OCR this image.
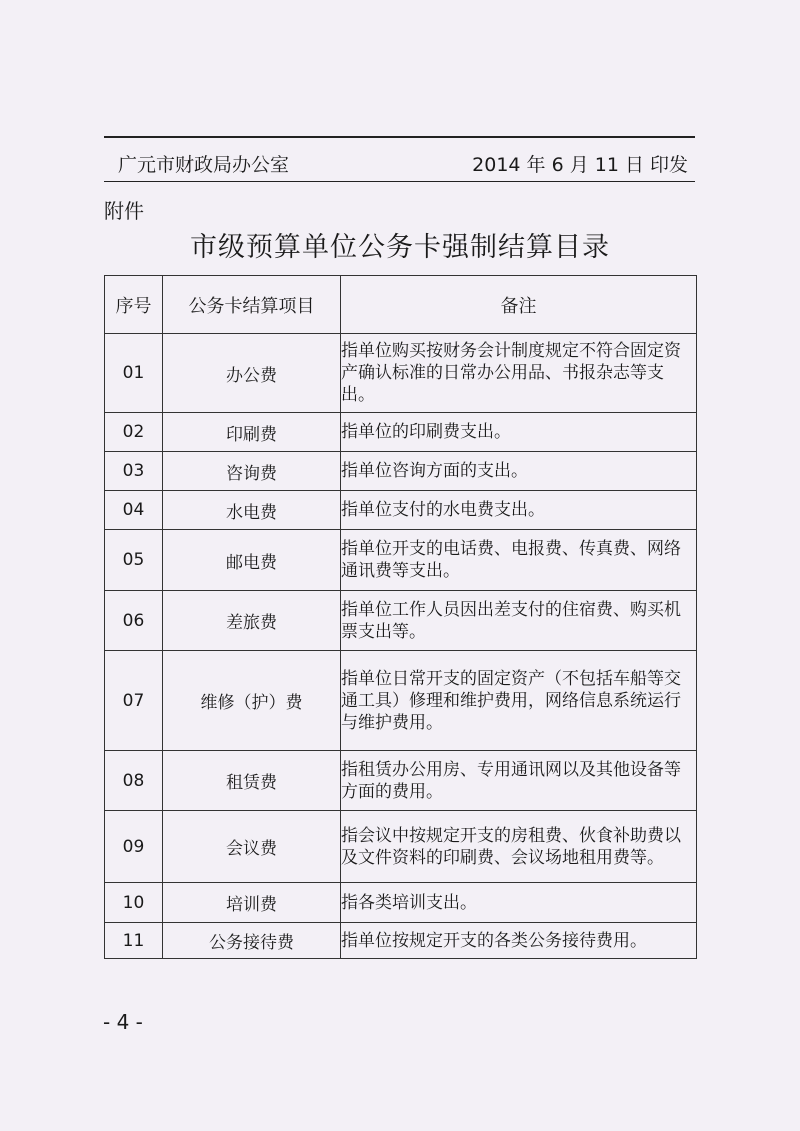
广元市财政局办公室	2014 年 6 月 11 日 印发
附件
市级预算单位公务卡强制结算目录
序号	公务卡结算项目	备注
01	办公费	指单位购买按财务会计制度规定不符合固定资产确认标准的日常办公用品、书报杂志等支出。
02	印刷费	指单位的印刷费支出。
03	咨询费	指单位咨询方面的支出。
04	水电费	指单位支付的水电费支出。
05	邮电费	指单位开支的电话费、电报费、传真费、网络通讯费等支出。
06	差旅费	指单位工作人员因出差支付的住宿费、购买机票支出等。
07	维修（护）费	指单位日常开支的固定资产（不包括车船等交通工具）修理和维护费用，网络信息系统运行与维护费用。
08	租赁费	指租赁办公用房、专用通讯网以及其他设备等方面的费用。
09	会议费	指会议中按规定开支的房租费、伙食补助费以及文件资料的印刷费、会议场地租用费等。
10	培训费	指各类培训支出。
11	公务接待费	指单位按规定开支的各类公务接待费用。
- 4 -
